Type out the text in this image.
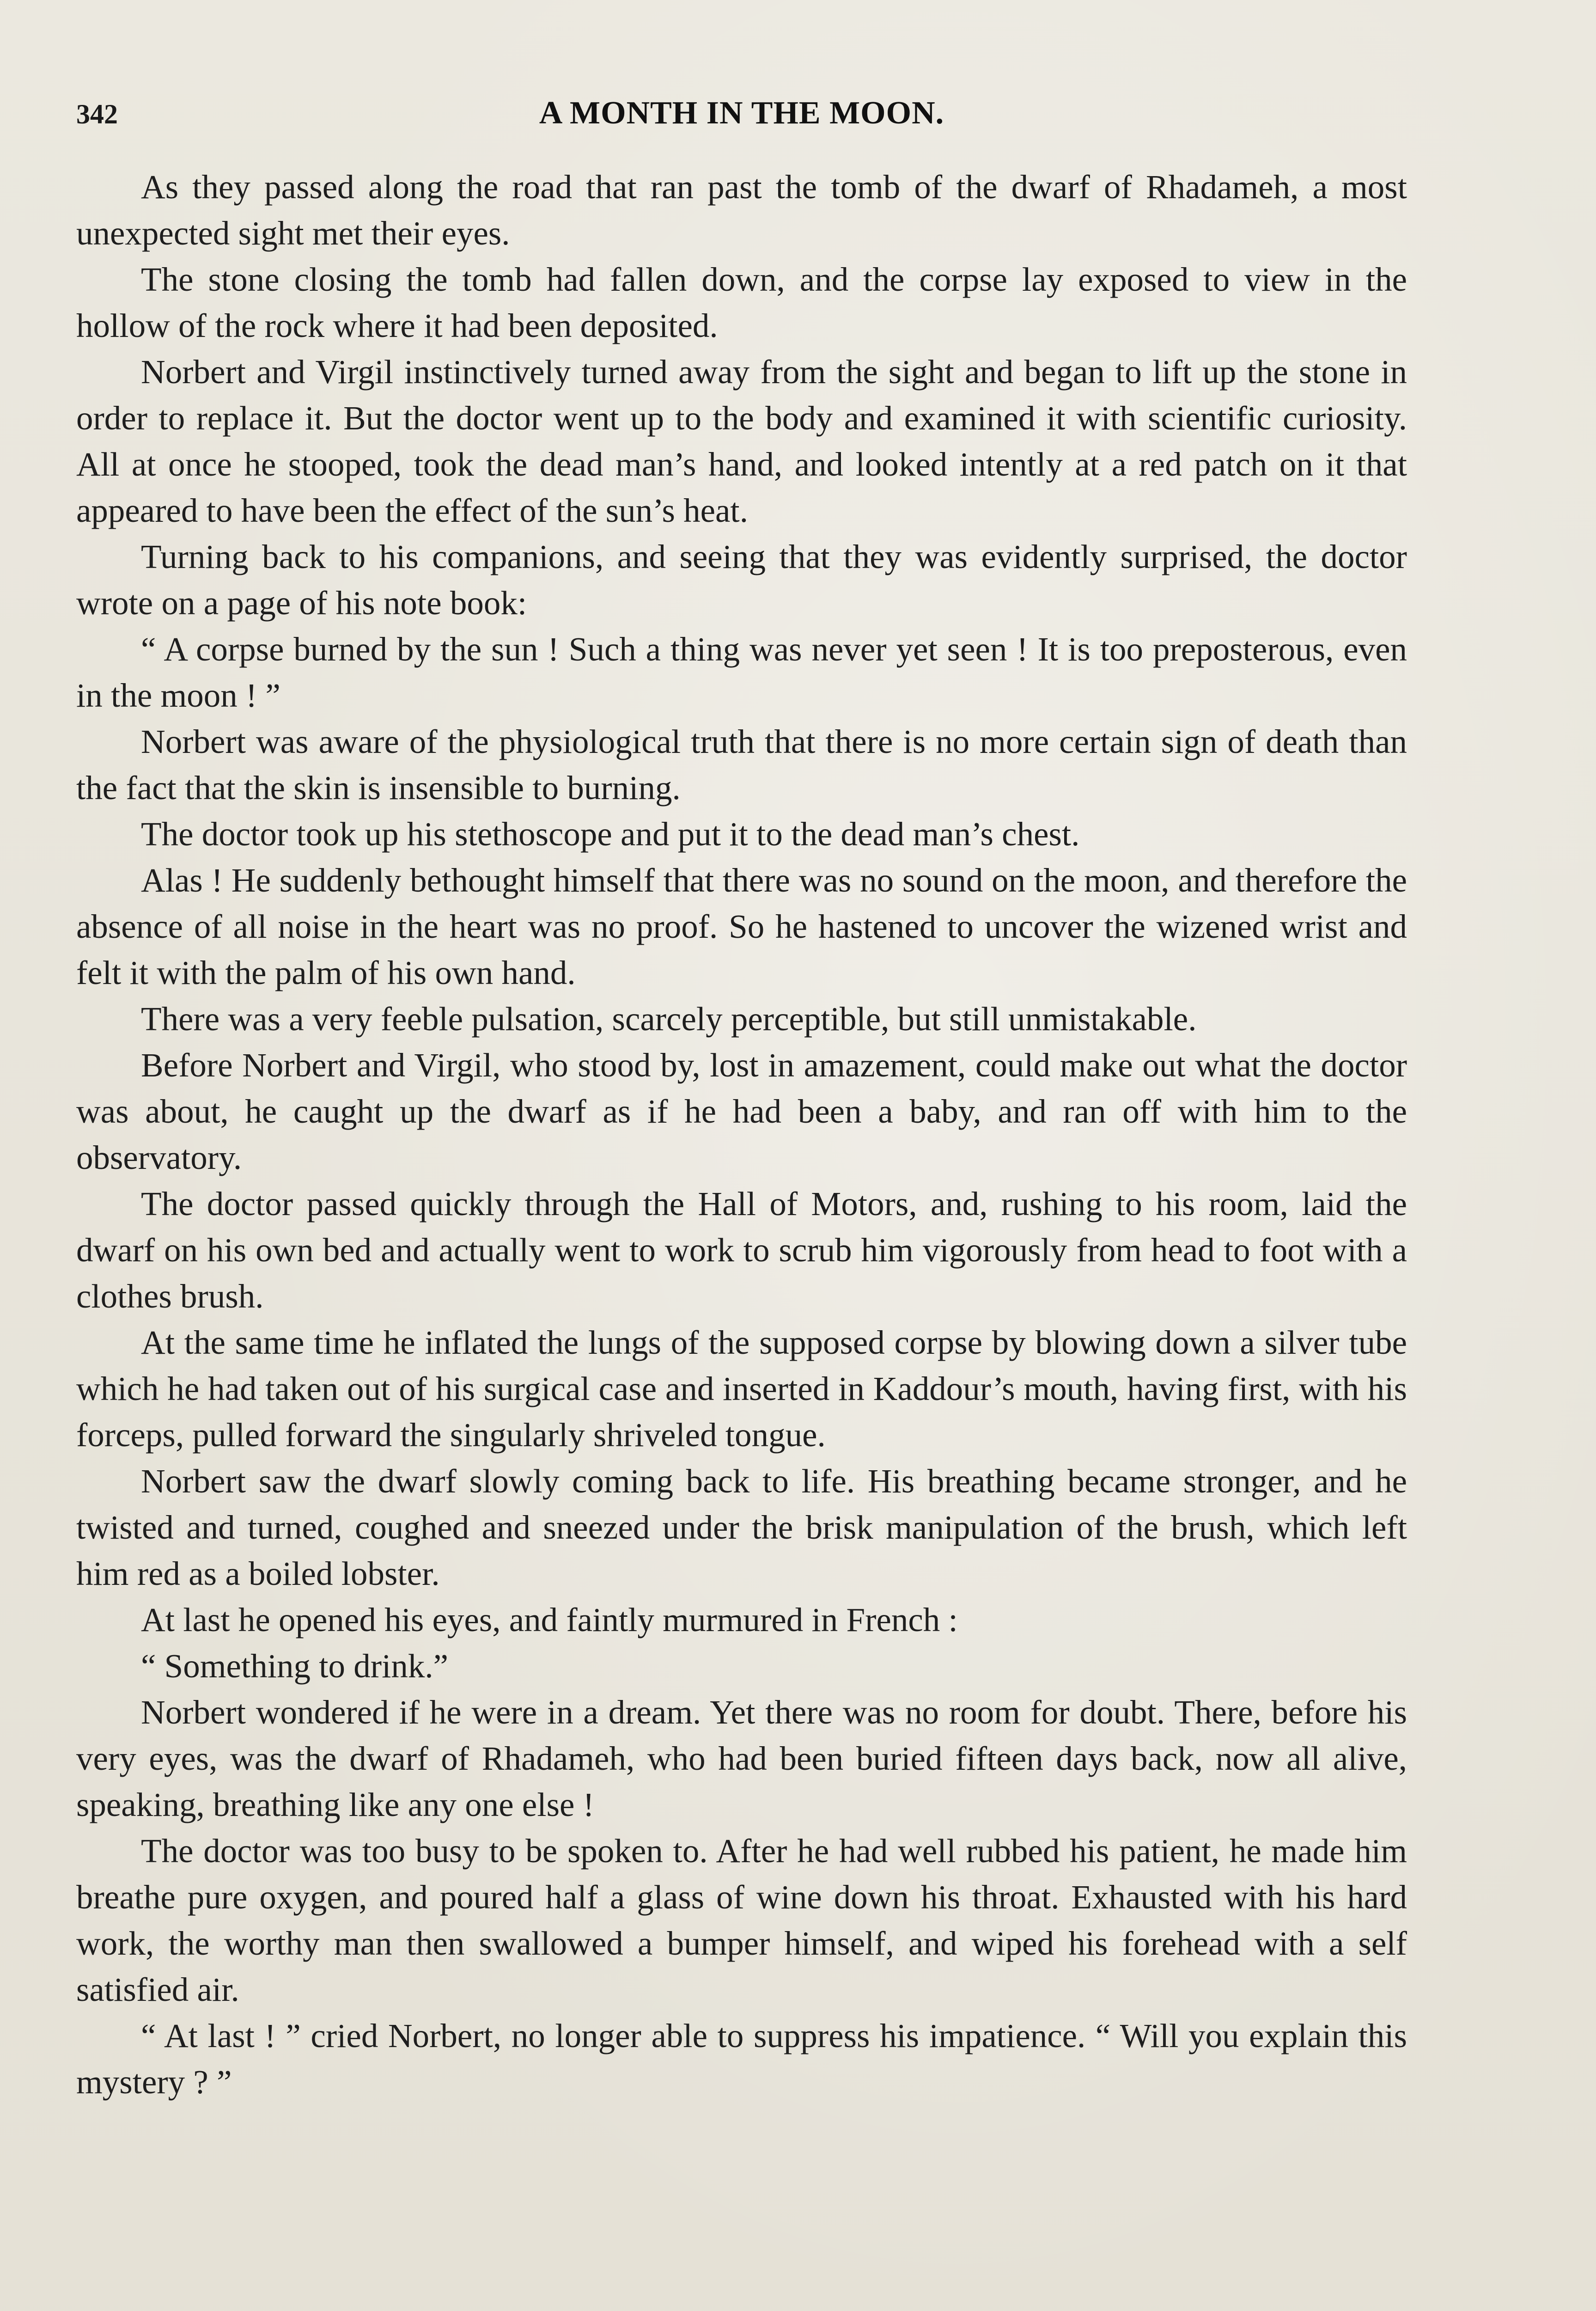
342	A MONTH IN THE MOON.

As they passed along the road that ran past the tomb of the dwarf of Rhadameh, a most unexpected sight met their eyes.

The stone closing the tomb had fallen down, and the corpse lay exposed to view in the hollow of the rock where it had been deposited.

Norbert and Virgil instinctively turned away from the sight and began to lift up the stone in order to replace it. But the doctor went up to the body and examined it with scientific curiosity. All at once he stooped, took the dead man’s hand, and looked intently at a red patch on it that appeared to have been the effect of the sun’s heat.

Turning back to his companions, and seeing that they was evidently surprised, the doctor wrote on a page of his note book:

“ A corpse burned by the sun ! Such a thing was never yet seen ! It is too preposterous, even in the moon ! ”

Norbert was aware of the physiological truth that there is no more certain sign of death than the fact that the skin is insensible to burning.

The doctor took up his stethoscope and put it to the dead man’s chest.

Alas ! He suddenly bethought himself that there was no sound on the moon, and therefore the absence of all noise in the heart was no proof. So he hastened to uncover the wizened wrist and felt it with the palm of his own hand.

There was a very feeble pulsation, scarcely perceptible, but still unmistakable.

Before Norbert and Virgil, who stood by, lost in amazement, could make out what the doctor was about, he caught up the dwarf as if he had been a baby, and ran off with him to the observatory.

The doctor passed quickly through the Hall of Motors, and, rushing to his room, laid the dwarf on his own bed and actually went to work to scrub him vigorously from head to foot with a clothes brush.

At the same time he inflated the lungs of the supposed corpse by blowing down a silver tube which he had taken out of his surgical case and inserted in Kaddour’s mouth, having first, with his forceps, pulled forward the singularly shriveled tongue.

Norbert saw the dwarf slowly coming back to life. His breathing became stronger, and he twisted and turned, coughed and sneezed under the brisk manipulation of the brush, which left him red as a boiled lobster.

At last he opened his eyes, and faintly murmured in French :

“ Something to drink.”

Norbert wondered if he were in a dream. Yet there was no room for doubt. There, before his very eyes, was the dwarf of Rhadameh, who had been buried fifteen days back, now all alive, speaking, breathing like any one else !

The doctor was too busy to be spoken to. After he had well rubbed his patient, he made him breathe pure oxygen, and poured half a glass of wine down his throat. Exhausted with his hard work, the worthy man then swallowed a bumper himself, and wiped his forehead with a self satisfied air.

“ At last ! ” cried Norbert, no longer able to suppress his impatience. “ Will you explain this mystery ? ”
